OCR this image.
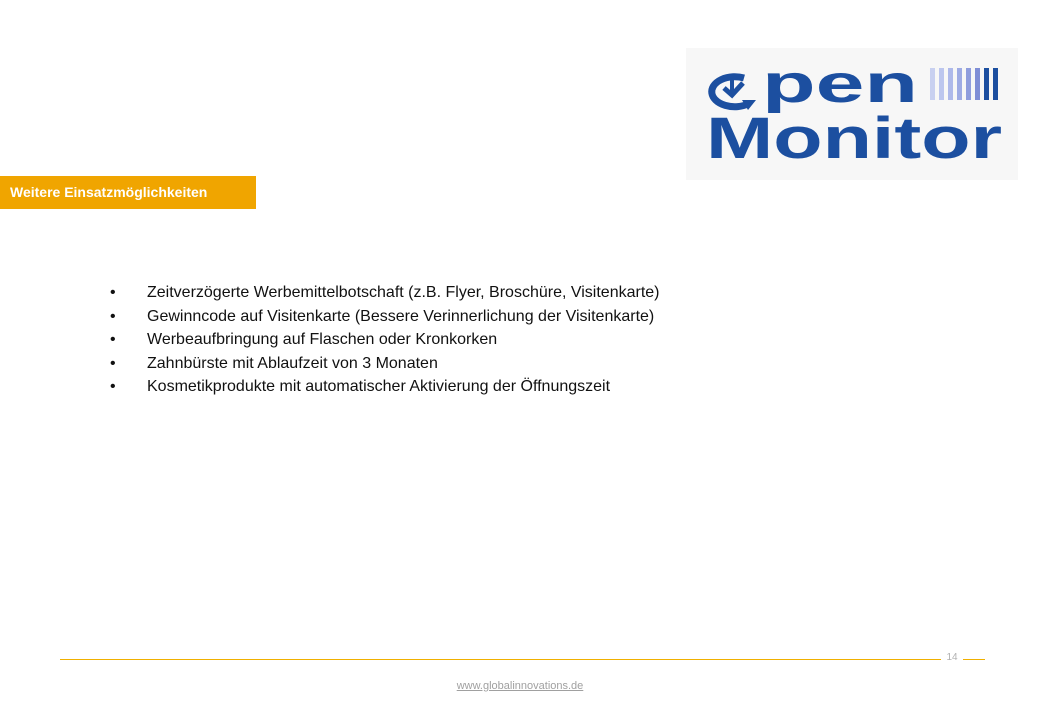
pen
Monitor
Weitere Einsatzmöglichkeiten
• Zeitverzögerte Werbemittelbotschaft (z.B. Flyer, Broschüre, Visitenkarte)
• Gewinncode auf Visitenkarte (Bessere Verinnerlichung der Visitenkarte)
• Werbeaufbringung auf Flaschen oder Kronkorken
• Zahnbürste mit Ablaufzeit von 3 Monaten
• Kosmetikprodukte mit automatischer Aktivierung der Öffnungszeit
14
www.globalinnovations.de
